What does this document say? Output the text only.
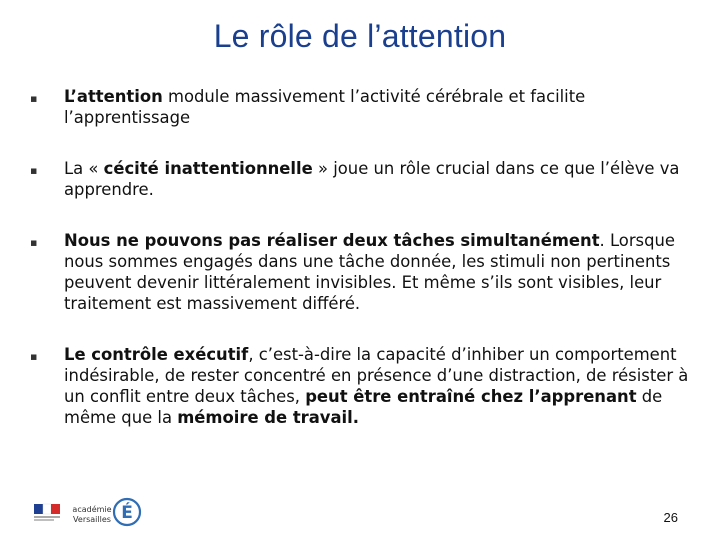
Le rôle de l’attention
▪ L’attention module massivement l’activité cérébrale et facilite l’apprentissage
▪ La « cécité inattentionnelle » joue un rôle crucial dans ce que l’élève va apprendre.
▪ Nous ne pouvons pas réaliser deux tâches simultanément. Lorsque nous sommes engagés dans une tâche donnée, les stimuli non pertinents peuvent devenir littéralement invisibles. Et même s’ils sont visibles, leur traitement est massivement différé.
▪ Le contrôle exécutif, c’est-à-dire la capacité d’inhiber un comportement indésirable, de rester concentré en présence d’une distraction, de résister à un conflit entre deux tâches, peut être entraîné chez l’apprenant de même que la mémoire de travail.
académie
Versailles É	26
